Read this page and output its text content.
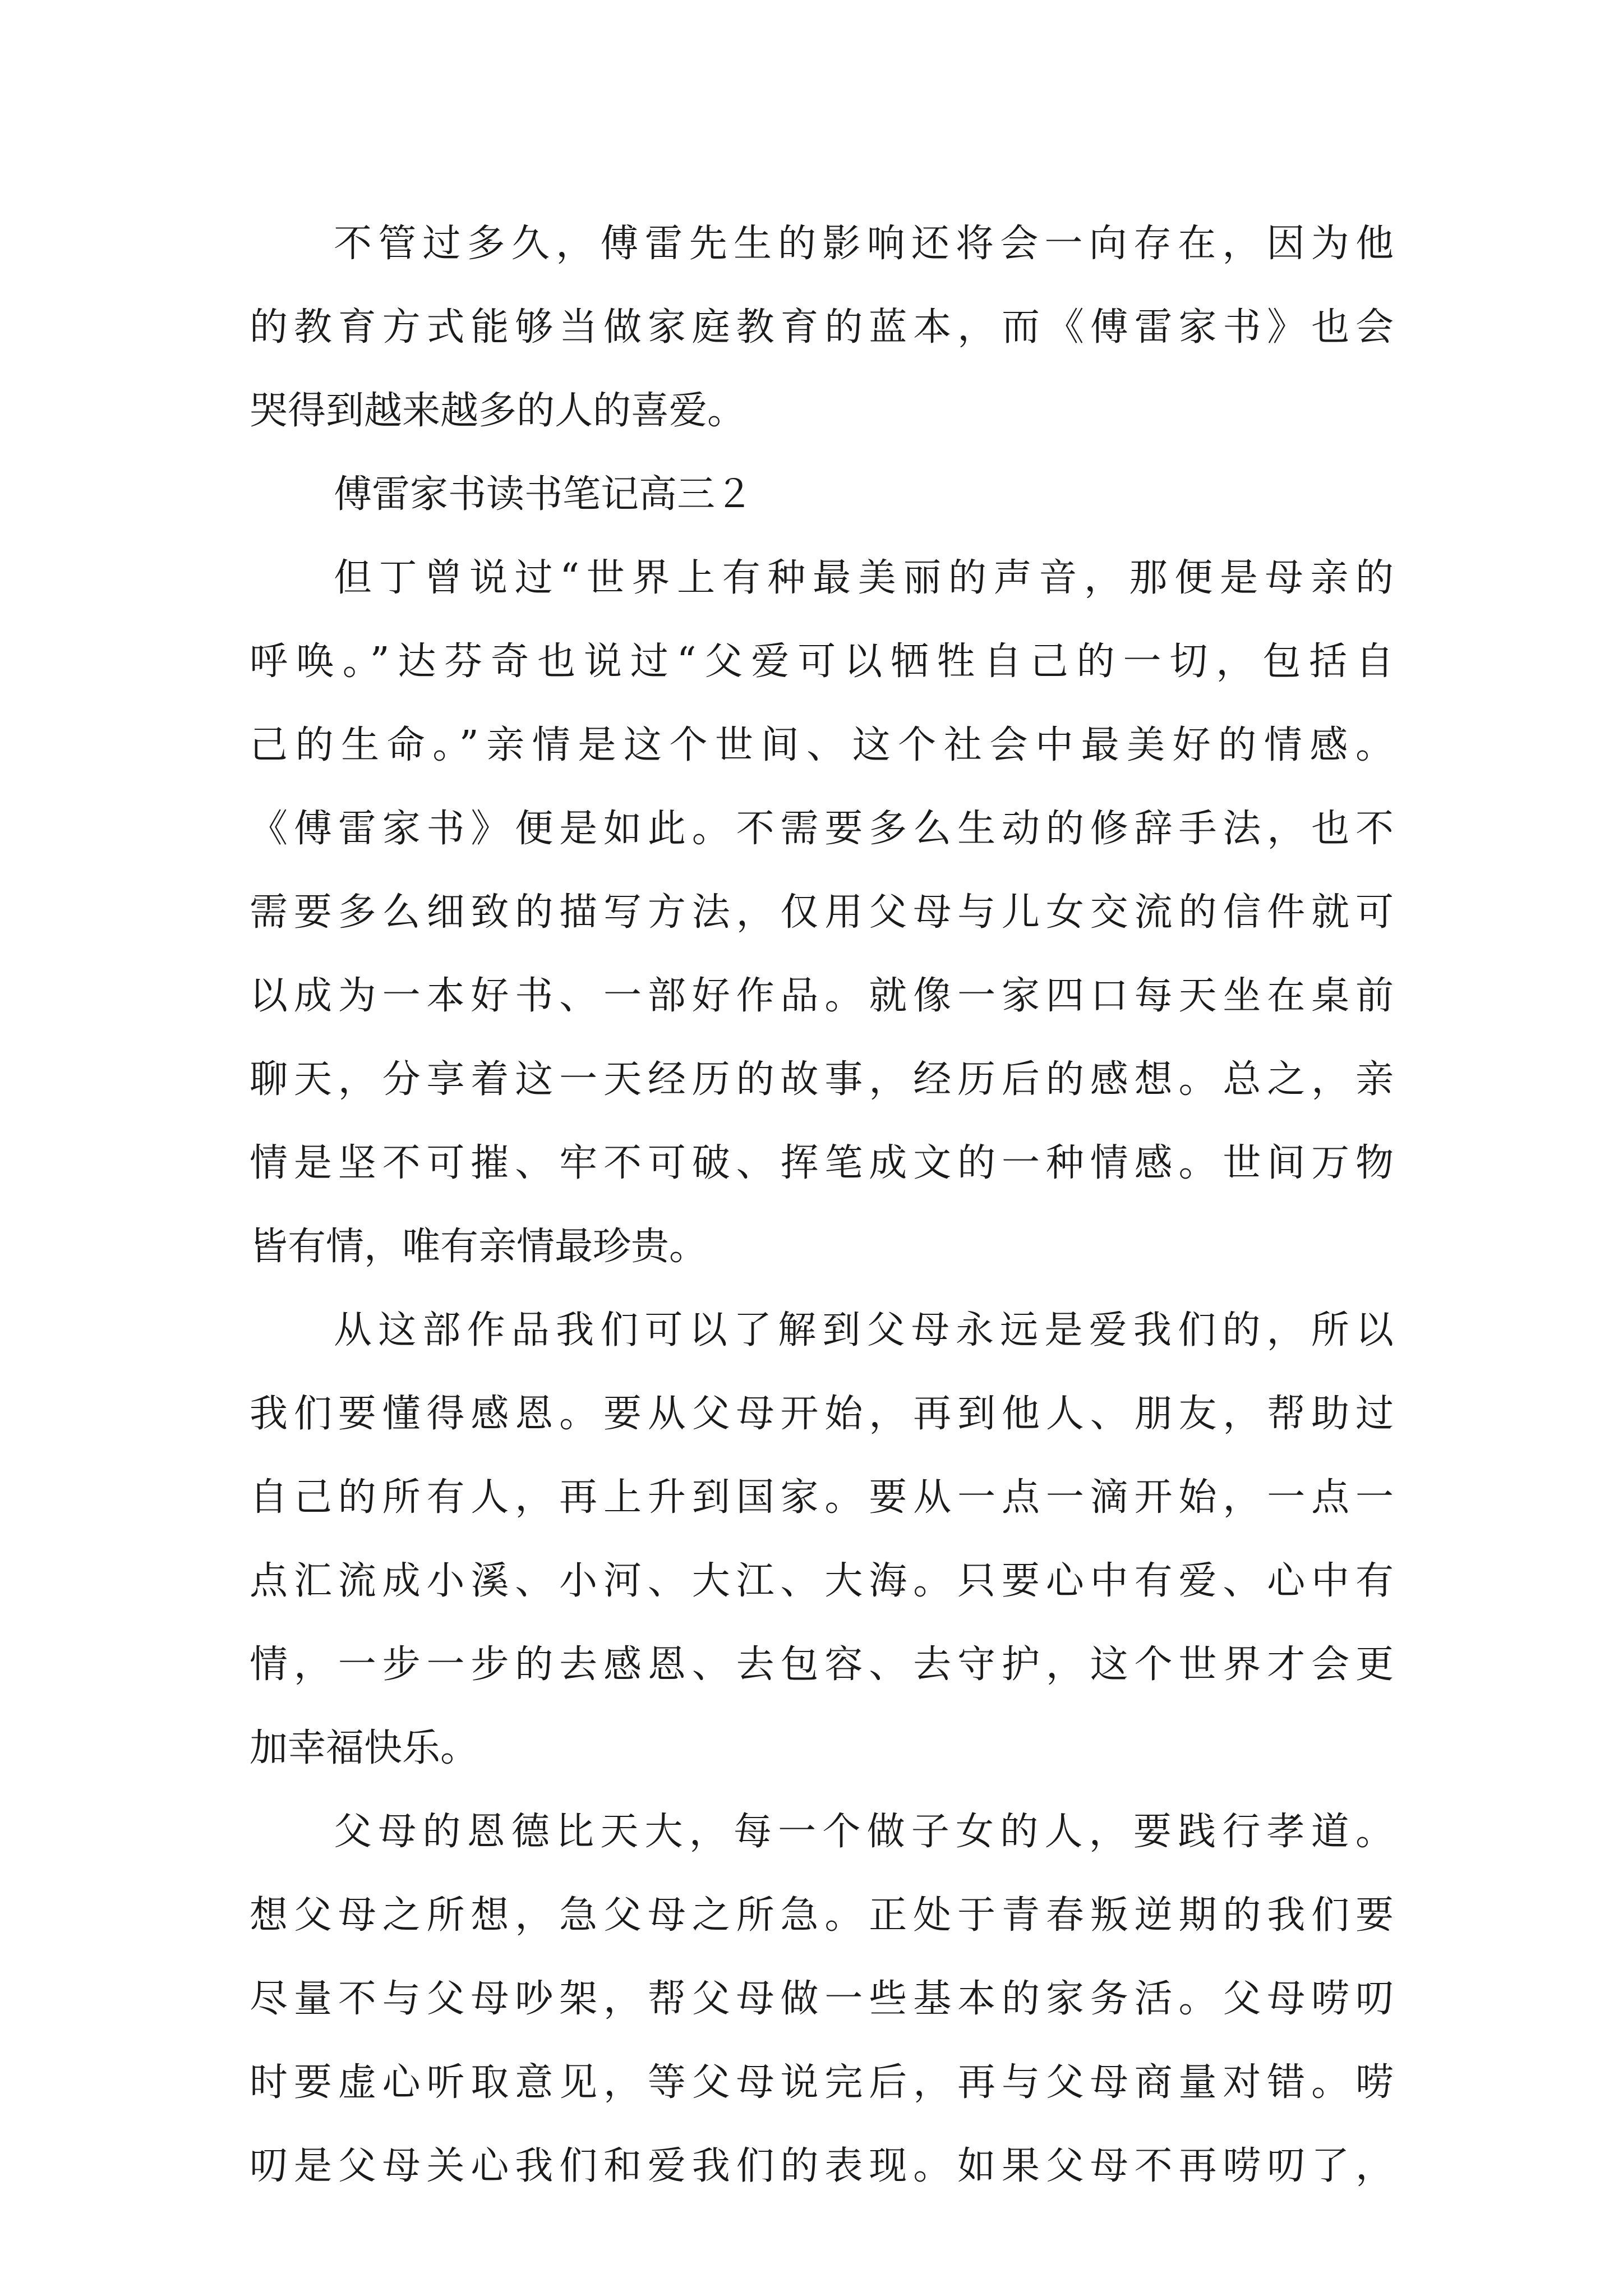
不管过多久，傅雷先生的影响还将会一向存在，因为他
的教育方式能够当做家庭教育的蓝本，而《傅雷家书》也会
哭得到越来越多的人的喜爱。
傅雷家书读书笔记高三２
但丁曾说过“世界上有种最美丽的声音，那便是母亲的
呼唤。”达芬奇也说过“父爱可以牺牲自己的一切，包括自
己的生命。”亲情是这个世间、这个社会中最美好的情感。
《傅雷家书》便是如此。不需要多么生动的修辞手法，也不
需要多么细致的描写方法，仅用父母与儿女交流的信件就可
以成为一本好书、一部好作品。就像一家四口每天坐在桌前
聊天，分享着这一天经历的故事，经历后的感想。总之，亲
情是坚不可摧、牢不可破、挥笔成文的一种情感。世间万物
皆有情，唯有亲情最珍贵。
从这部作品我们可以了解到父母永远是爱我们的，所以
我们要懂得感恩。要从父母开始，再到他人、朋友，帮助过
自己的所有人，再上升到国家。要从一点一滴开始，一点一
点汇流成小溪、小河、大江、大海。只要心中有爱、心中有
情，一步一步的去感恩、去包容、去守护，这个世界才会更
加幸福快乐。
父母的恩德比天大，每一个做子女的人，要践行孝道。
想父母之所想，急父母之所急。正处于青春叛逆期的我们要
尽量不与父母吵架，帮父母做一些基本的家务活。父母唠叨
时要虚心听取意见，等父母说完后，再与父母商量对错。唠
叨是父母关心我们和爱我们的表现。如果父母不再唠叨了，
